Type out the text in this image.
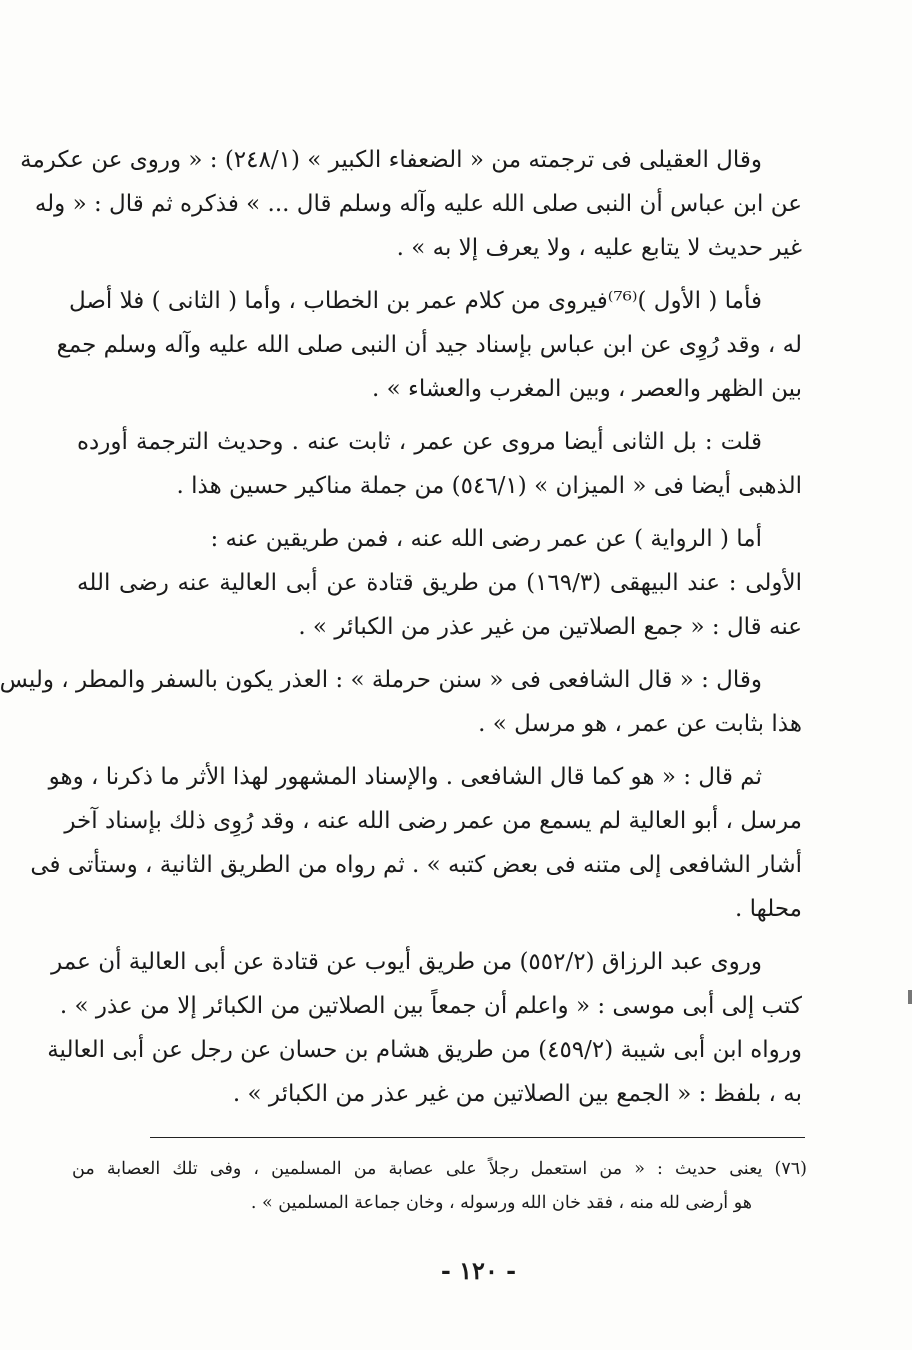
وقال العقيلى فى ترجمته من « الضعفاء الكبير » (٢٤٨/١) : « وروى عن عكرمة
عن ابن عباس أن النبى صلى الله عليه وآله وسلم قال ... » فذكره ثم قال : « وله
غير حديث لا يتابع عليه ، ولا يعرف إلا به » .

فأما ( الأول )⁽⁷⁶⁾فيروى من كلام عمر بن الخطاب ، وأما ( الثانى ) فلا أصل
له ، وقد رُوِى عن ابن عباس بإسناد جيد أن النبى صلى الله عليه وآله وسلم جمع
بين الظهر والعصر ، وبين المغرب والعشاء » .

قلت : بل الثانى أيضا مروى عن عمر ، ثابت عنه . وحديث الترجمة أورده
الذهبى أيضا فى « الميزان » (٥٤٦/١) من جملة مناكير حسين هذا .

أما ( الرواية ) عن عمر رضى الله عنه ، فمن طريقين عنه :
الأولى : عند البيهقى (١٦٩/٣) من طريق قتادة عن أبى العالية عنه رضى الله
عنه قال : « جمع الصلاتين من غير عذر من الكبائر » .

وقال : « قال الشافعى فى « سنن حرملة » : العذر يكون بالسفر والمطر ، وليس
هذا بثابت عن عمر ، هو مرسل » .

ثم قال : « هو كما قال الشافعى . والإسناد المشهور لهذا الأثر ما ذكرنا ، وهو
مرسل ، أبو العالية لم يسمع من عمر رضى الله عنه ، وقد رُوِى ذلك بإسناد آخر
أشار الشافعى إلى متنه فى بعض كتبه » . ثم رواه من الطريق الثانية ، وستأتى فى
محلها .

وروى عبد الرزاق (٥٥٢/٢) من طريق أيوب عن قتادة عن أبى العالية أن عمر
كتب إلى أبى موسى : « واعلم أن جمعاً بين الصلاتين من الكبائر إلا من عذر » .
ورواه ابن أبى شيبة (٤٥٩/٢) من طريق هشام بن حسان عن رجل عن أبى العالية
به ، بلفظ : « الجمع بين الصلاتين من غير عذر من الكبائر » .

(٧٦) يعنى حديث : « من استعمل رجلاً على عصابة من المسلمين ، وفى تلك العصابة من
هو أرضى لله منه ، فقد خان الله ورسوله ، وخان جماعة المسلمين » .
- ١٢٠ -
